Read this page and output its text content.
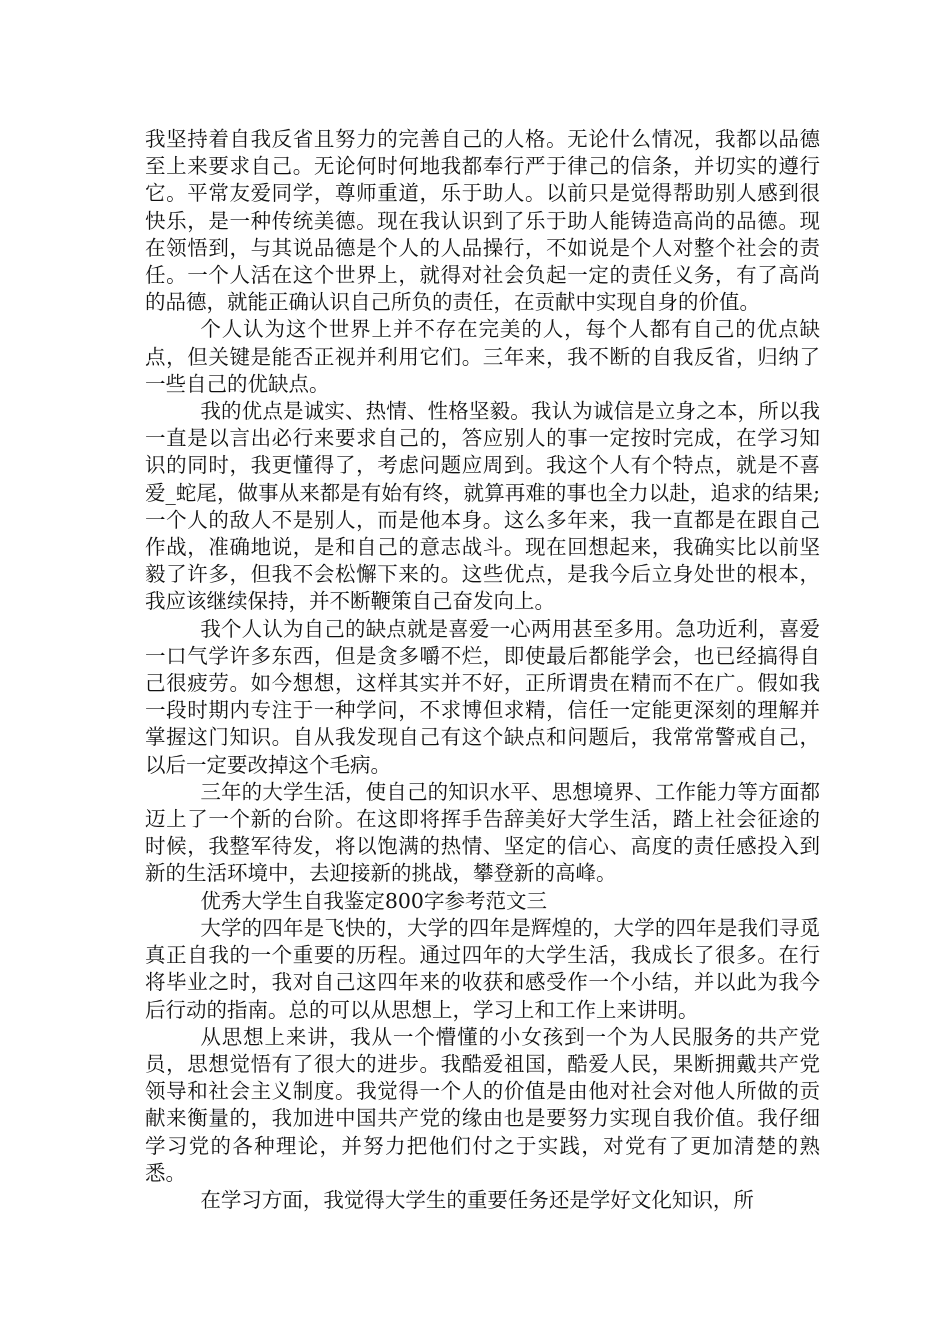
我坚持着自我反省且努力的完善自己的人格。无论什么情况，我都以品德至上来要求自己。无论何时何地我都奉行严于律己的信条，并切实的遵行它。平常友爱同学，尊师重道，乐于助人。以前只是觉得帮助别人感到很快乐，是一种传统美德。现在我认识到了乐于助人能铸造高尚的品德。现在领悟到，与其说品德是个人的人品操行，不如说是个人对整个社会的责任。一个人活在这个世界上，就得对社会负起一定的责任义务，有了高尚的品德，就能正确认识自己所负的责任，在贡献中实现自身的价值。

个人认为这个世界上并不存在完美的人，每个人都有自己的优点缺点，但关键是能否正视并利用它们。三年来，我不断的自我反省，归纳了一些自己的优缺点。

我的优点是诚实、热情、性格坚毅。我认为诚信是立身之本，所以我一直是以言出必行来要求自己的，答应别人的事一定按时完成，在学习知识的同时，我更懂得了，考虑问题应周到。我这个人有个特点，就是不喜爱_蛇尾，做事从来都是有始有终，就算再难的事也全力以赴，追求的结果;一个人的敌人不是别人，而是他本身。这么多年来，我一直都是在跟自己作战，准确地说，是和自己的意志战斗。现在回想起来，我确实比以前坚毅了许多，但我不会松懈下来的。这些优点，是我今后立身处世的根本，我应该继续保持，并不断鞭策自己奋发向上。

我个人认为自己的缺点就是喜爱一心两用甚至多用。急功近利，喜爱一口气学许多东西，但是贪多嚼不烂，即使最后都能学会，也已经搞得自己很疲劳。如今想想，这样其实并不好，正所谓贵在精而不在广。假如我一段时期内专注于一种学问，不求博但求精，信任一定能更深刻的理解并掌握这门知识。自从我发现自己有这个缺点和问题后，我常常警戒自己，以后一定要改掉这个毛病。

三年的大学生活，使自己的知识水平、思想境界、工作能力等方面都迈上了一个新的台阶。在这即将挥手告辞美好大学生活，踏上社会征途的时候，我整军待发，将以饱满的热情、坚定的信心、高度的责任感投入到新的生活环境中，去迎接新的挑战，攀登新的高峰。

优秀大学生自我鉴定800字参考范文三

大学的四年是飞快的，大学的四年是辉煌的，大学的四年是我们寻觅真正自我的一个重要的历程。通过四年的大学生活，我成长了很多。在行将毕业之时，我对自己这四年来的收获和感受作一个小结，并以此为我今后行动的指南。总的可以从思想上，学习上和工作上来讲明。

从思想上来讲，我从一个懵懂的小女孩到一个为人民服务的共产党员，思想觉悟有了很大的进步。我酷爱祖国，酷爱人民，果断拥戴共产党领导和社会主义制度。我觉得一个人的价值是由他对社会对他人所做的贡献来衡量的，我加进中国共产党的缘由也是要努力实现自我价值。我仔细学习党的各种理论，并努力把他们付之于实践，对党有了更加清楚的熟悉。

在学习方面，我觉得大学生的重要任务还是学好文化知识，所
